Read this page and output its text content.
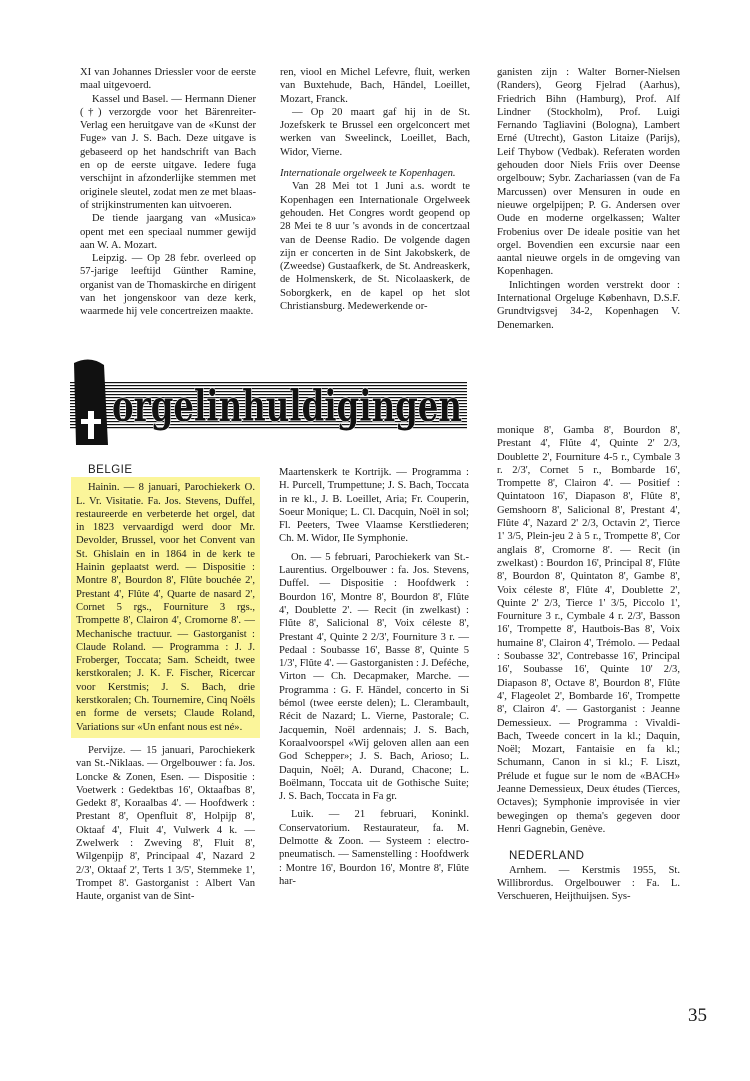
XI van Johannes Driessler voor de eerste maal uitgevoerd.

Kassel und Basel. — Hermann Diener (†) verzorgde voor het Bärenreiter-Verlag een heruitgave van de «Kunst der Fuge» van J. S. Bach. Deze uitgave is gebaseerd op het handschrift van Bach en op de eerste uitgave. Iedere fuga verschijnt in afzonderlijke stemmen met originele sleutel, zodat men ze met blaas- of strijkinstrumenten kan uitvoeren.

De tiende jaargang van «Musica» opent met een speciaal nummer gewijd aan W. A. Mozart.

Leipzig. — Op 28 febr. overleed op 57-jarige leeftijd Günther Ramine, organist van de Thomaskirche en dirigent van het jongenskoor van deze kerk, waarmede hij vele concertreizen maakte.

ren, viool en Michel Lefevre, fluit, werken van Buxtehude, Bach, Händel, Loeillet, Mozart, Franck.

— Op 20 maart gaf hij in de St. Jozefskerk te Brussel een orgelconcert met werken van Sweelinck, Loeillet, Bach, Widor, Vierne.

Internationale orgelweek te Kopenhagen.

Van 28 Mei tot 1 Juni a.s. wordt te Kopenhagen een Internationale Orgelweek gehouden. Het Congres wordt geopend op 28 Mei te 8 uur 's avonds in de concertzaal van de Deense Radio. De volgende dagen zijn er concerten in de Sint Jakobskerk, de (Zweedse) Gustaafkerk, de St. Andreaskerk, de Holmenskerk, de St. Nicolaaskerk, de Soborgkerk, en de kapel op het slot Christiansburg. Medewerkende or-

ganisten zijn : Walter Borner-Nielsen (Randers), Georg Fjelrad (Aarhus), Friedrich Bihn (Hamburg), Prof. Alf Lindner (Stockholm), Prof. Luigi Fernando Tagliavini (Bologna), Lambert Erné (Utrecht), Gaston Litaize (Parijs), Leif Thybow (Vedbak). Referaten worden gehouden door Niels Friis over Deense orgelbouw; Sybr. Zachariassen (van de Fa Marcussen) over Mensuren in oude en nieuwe orgelpijpen; P. G. Andersen over Oude en moderne orgelkassen; Walter Frobenius over De ideale positie van het orgel. Bovendien een excursie naar een aantal nieuwe orgels in de omgeving van Kopenhagen.

Inlichtingen worden verstrekt door : International Orgeluge København, D.S.F. Grundtvigsvej 34-2, Kopenhagen V. Denemarken.

orgelinhuldigingen

BELGIE

Hainin. — 8 januari, Parochiekerk O. L. Vr. Visitatie. Fa. Jos. Stevens, Duffel, restaureerde en verbeterde het orgel, dat in 1823 vervaardigd werd door Mr. Devolder, Brussel, voor het Convent van St. Ghislain en in 1864 in de kerk te Hainin geplaatst werd. — Dispositie : Montre 8', Bourdon 8', Flûte bouchée 2', Prestant 4', Flûte 4', Quarte de nasard 2', Cornet 5 rgs., Fourniture 3 rgs., Trompette 8', Clairon 4', Cromorne 8'. — Mechanische tractuur. — Gastorganist : Claude Roland. — Programma : J. J. Froberger, Toccata; Sam. Scheidt, twee kerstkoralen; J. K. F. Fischer, Ricercar voor Kerstmis; J. S. Bach, drie kerstkoralen; Ch. Tournemire, Cinq Noëls en forme de versets; Claude Roland, Variations sur «Un enfant nous est né».

Pervijze. — 15 januari, Parochiekerk van St.-Niklaas. — Orgelbouwer : fa. Jos. Loncke & Zonen, Esen. — Dispositie : Voetwerk : Gedektbas 16', Oktaafbas 8', Gedekt 8', Koraalbas 4'. — Hoofdwerk : Prestant 8', Openfluit 8', Holpijp 8', Oktaaf 4', Fluit 4', Vulwerk 4 k. — Zwelwerk : Zweving 8', Fluit 8', Wilgenpijp 8', Principaal 4', Nazard 2 2/3', Oktaaf 2', Terts 1 3/5', Stemmeke 1', Trompet 8'. Gastorganist : Albert Van Haute, organist van de Sint-

Maartenskerk te Kortrijk. — Programma : H. Purcell, Trumpettune; J. S. Bach, Toccata in re kl., J. B. Loeillet, Aria; Fr. Couperin, Soeur Monique; L. Cl. Dacquin, Noël in sol; Fl. Peeters, Twee Vlaamse Kerstliederen; Ch. M. Widor, IIe Symphonie.

On. — 5 februari, Parochiekerk van St.-Laurentius. Orgelbouwer : fa. Jos. Stevens, Duffel. — Dispositie : Hoofdwerk : Bourdon 16', Montre 8', Bourdon 8', Flûte 4', Doublette 2'. — Recit (in zwelkast) : Flûte 8', Salicional 8', Voix céleste 8', Prestant 4', Quinte 2 2/3', Fourniture 3 r. — Pedaal : Soubasse 16', Basse 8', Quinte 5 1/3', Flûte 4'. — Gastorganisten : J. Deféche, Virton — Ch. Decapmaker, Marche. — Programma : G. F. Händel, concerto in Si bémol (twee eerste delen); L. Clerambault, Récit de Nazard; L. Vierne, Pastorale; C. Jacquemin, Noël ardennais; J. S. Bach, Koraalvoorspel «Wij geloven allen aan een God Schepper»; J. S. Bach, Arioso; L. Daquin, Noël; A. Durand, Chacone; L. Boëlmann, Toccata uit de Gothische Suite; J. S. Bach, Toccata in Fa gr.

Luik. — 21 februari, Koninkl. Conservatorium. Restaurateur, fa. M. Delmotte & Zoon. — Systeem : electro-pneumatisch. — Samenstelling : Hoofdwerk : Montre 16', Bourdon 16', Montre 8', Flûte har-

monique 8', Gamba 8', Bourdon 8', Prestant 4', Flûte 4', Quinte 2' 2/3, Doublette 2', Fourniture 4-5 r., Cymbale 3 r. 2/3', Cornet 5 r., Bombarde 16', Trompette 8', Clairon 4'. — Positief : Quintatoon 16', Diapason 8', Flûte 8', Gemshoorn 8', Salicional 8', Prestant 4', Flûte 4', Nazard 2' 2/3, Octavin 2', Tierce 1' 3/5, Plein-jeu 2 à 5 r., Trompette 8', Cor anglais 8', Cromorne 8'. — Recit (in zwelkast) : Bourdon 16', Principal 8', Flûte 8', Bourdon 8', Quintaton 8', Gambe 8', Voix céleste 8', Flûte 4', Doublette 2', Quinte 2' 2/3, Tierce 1' 3/5, Piccolo 1', Fourniture 3 r., Cymbale 4 r. 2/3', Basson 16', Trompette 8', Hautbois-Bas 8', Voix humaine 8', Clairon 4', Trémolo. — Pedaal : Soubasse 32', Contrebasse 16', Principal 16', Soubasse 16', Quinte 10' 2/3, Diapason 8', Octave 8', Bourdon 8', Flûte 4', Flageolet 2', Bombarde 16', Trompette 8', Clairon 4'. — Gastorganist : Jeanne Demessieux. — Programma : Vivaldi-Bach, Tweede concert in la kl.; Daquin, Noël; Mozart, Fantaisie en fa kl.; Schumann, Canon in si kl.; F. Liszt, Prélude et fugue sur le nom de «BACH» Jeanne Demessieux, Deux études (Tierces, Octaves); Symphonie improvisée in vier bewegingen op thema's gegeven door Henri Gagnebin, Genève.

NEDERLAND

Arnhem. — Kerstmis 1955, St. Willibrordus. Orgelbouwer : Fa. L. Verschueren, Heijthuijsen. Sys-

35
